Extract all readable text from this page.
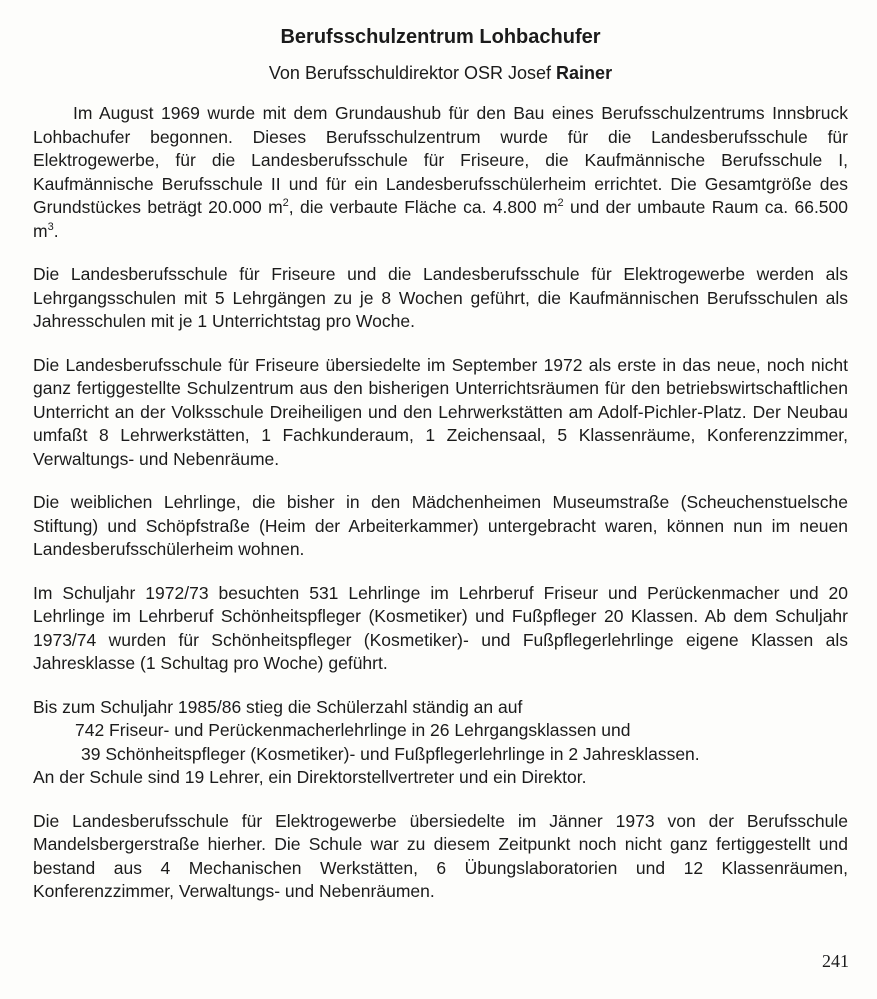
Berufsschulzentrum Lohbachufer
Von Berufsschuldirektor OSR Josef Rainer

Im August 1969 wurde mit dem Grundaushub für den Bau eines Berufsschulzentrums Innsbruck Lohbachufer begonnen. Dieses Berufsschulzentrum wurde für die Landesberufsschule für Elektrogewerbe, für die Landesberufsschule für Friseure, die Kaufmännische Berufsschule I, Kaufmännische Berufsschule II und für ein Landesberufsschülerheim errichtet. Die Gesamtgröße des Grundstückes beträgt 20.000 $m^2$, die verbaute Fläche ca. 4.800 $m^2$ und der umbaute Raum ca. 66.500 $m^3$.

Die Landesberufsschule für Friseure und die Landesberufsschule für Elektrogewerbe werden als Lehrgangsschulen mit 5 Lehrgängen zu je 8 Wochen geführt, die Kaufmännischen Berufsschulen als Jahresschulen mit je 1 Unterrichtstag pro Woche.

Die Landesberufsschule für Friseure übersiedelte im September 1972 als erste in das neue, noch nicht ganz fertiggestellte Schulzentrum aus den bisherigen Unterrichtsräumen für den betriebswirtschaftlichen Unterricht an der Volksschule Dreiheiligen und den Lehrwerkstätten am Adolf-Pichler-Platz. Der Neubau umfaßt 8 Lehrwerkstätten, 1 Fachkunderaum, 1 Zeichensaal, 5 Klassenräume, Konferenzzimmer, Verwaltungs- und Nebenräume.

Die weiblichen Lehrlinge, die bisher in den Mädchenheimen Museumstraße (Scheuchenstuelsche Stiftung) und Schöpfstraße (Heim der Arbeiterkammer) untergebracht waren, können nun im neuen Landesberufsschülerheim wohnen.

Im Schuljahr 1972/73 besuchten 531 Lehrlinge im Lehrberuf Friseur und Perückenmacher und 20 Lehrlinge im Lehrberuf Schönheitspfleger (Kosmetiker) und Fußpfleger 20 Klassen. Ab dem Schuljahr 1973/74 wurden für Schönheitspfleger (Kosmetiker)- und Fußpflegerlehrlinge eigene Klassen als Jahresklasse (1 Schultag pro Woche) geführt.

Bis zum Schuljahr 1985/86 stieg die Schülerzahl ständig an auf
742 Friseur- und Perückenmacherlehrlinge in 26 Lehrgangsklassen und
39 Schönheitspfleger (Kosmetiker)- und Fußpflegerlehrlinge in 2 Jahresklassen.
An der Schule sind 19 Lehrer, ein Direktorstellvertreter und ein Direktor.

Die Landesberufsschule für Elektrogewerbe übersiedelte im Jänner 1973 von der Berufsschule Mandelsbergerstraße hierher. Die Schule war zu diesem Zeitpunkt noch nicht ganz fertiggestellt und bestand aus 4 Mechanischen Werkstätten, 6 Übungslaboratorien und 12 Klassenräumen, Konferenzzimmer, Verwaltungs- und Nebenräumen.

241
